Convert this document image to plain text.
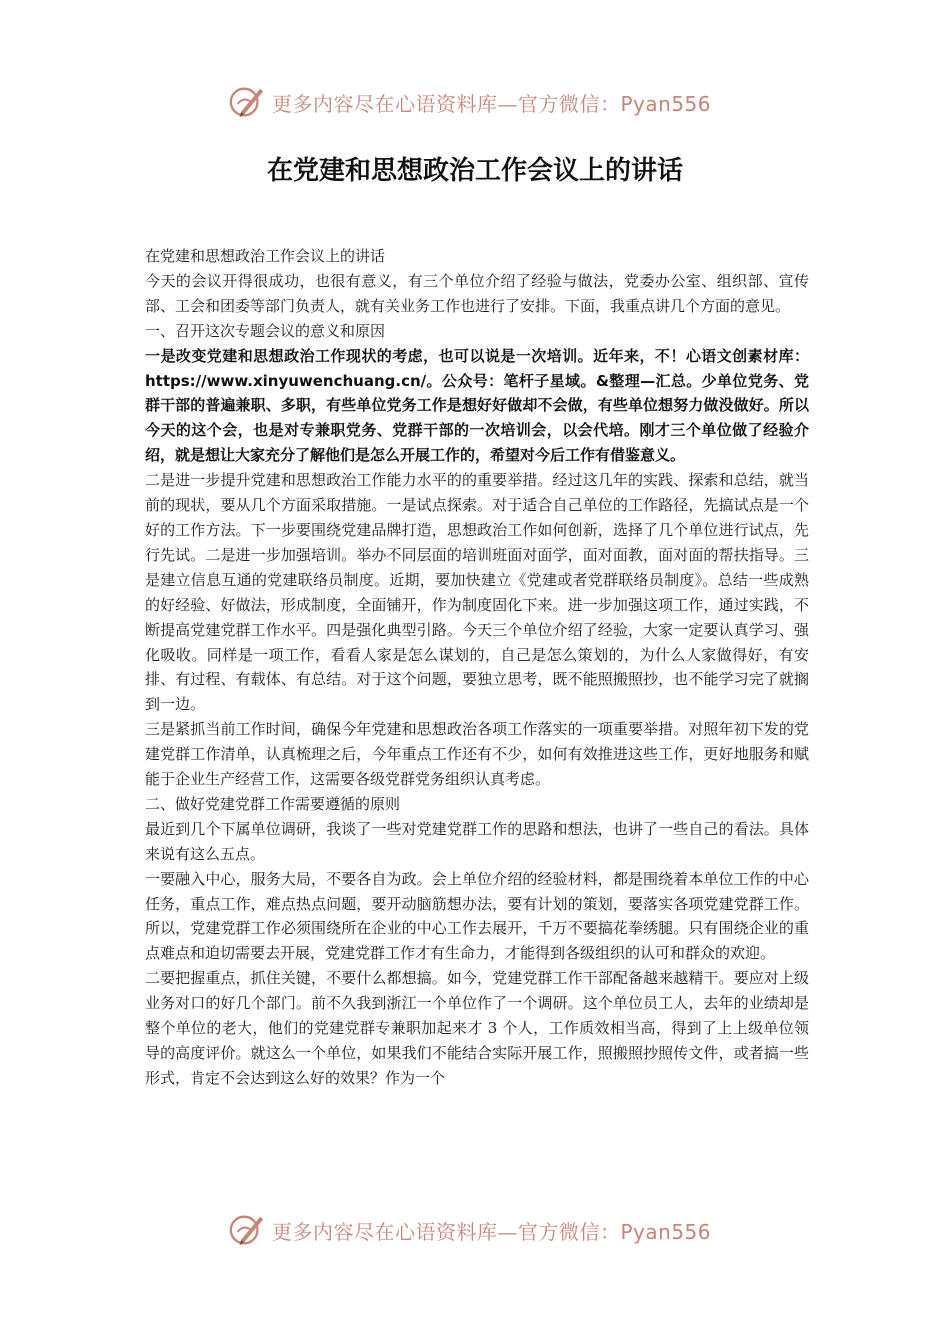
更多内容尽在心语资料库—官方微信：Pyan556
在党建和思想政治工作会议上的讲话

在党建和思想政治工作会议上的讲话

今天的会议开得很成功，也很有意义，有三个单位介绍了经验与做法，党委办公室、组织部、宣传部、工会和团委等部门负责人，就有关业务工作也进行了安排。下面，我重点讲几个方面的意见。

一、召开这次专题会议的意义和原因

一是改变党建和思想政治工作现状的考虑，也可以说是一次培训。近年来，不！心语文创素材库：https://www.xinyuwenchuang.cn/。公众号：笔杆子星域。&整理—汇总。少单位党务、党群干部的普遍兼职、多职，有些单位党务工作是想好好做却不会做，有些单位想努力做没做好。所以今天的这个会，也是对专兼职党务、党群干部的一次培训会，以会代培。刚才三个单位做了经验介绍，就是想让大家充分了解他们是怎么开展工作的，希望对今后工作有借鉴意义。

二是进一步提升党建和思想政治工作能力水平的的重要举措。经过这几年的实践、探索和总结，就当前的现状，要从几个方面采取措施。一是试点探索。对于适合自己单位的工作路径，先搞试点是一个好的工作方法。下一步要围绕党建品牌打造，思想政治工作如何创新，选择了几个单位进行试点，先行先试。二是进一步加强培训。举办不同层面的培训班面对面学，面对面教，面对面的帮扶指导。三是建立信息互通的党建联络员制度。近期，要加快建立《党建或者党群联络员制度》。总结一些成熟的好经验、好做法，形成制度，全面铺开，作为制度固化下来。进一步加强这项工作，通过实践，不断提高党建党群工作水平。四是强化典型引路。今天三个单位介绍了经验，大家一定要认真学习、强化吸收。同样是一项工作，看看人家是怎么谋划的，自己是怎么策划的，为什么人家做得好，有安排、有过程、有载体、有总结。对于这个问题，要独立思考，既不能照搬照抄，也不能学习完了就搁到一边。

三是紧抓当前工作时间，确保今年党建和思想政治各项工作落实的一项重要举措。对照年初下发的党建党群工作清单，认真梳理之后，今年重点工作还有不少，如何有效推进这些工作，更好地服务和赋能于企业生产经营工作，这需要各级党群党务组织认真考虑。

二、做好党建党群工作需要遵循的原则

最近到几个下属单位调研，我谈了一些对党建党群工作的思路和想法，也讲了一些自己的看法。具体来说有这么五点。

一要融入中心，服务大局，不要各自为政。会上单位介绍的经验材料，都是围绕着本单位工作的中心任务，重点工作，难点热点问题，要开动脑筋想办法，要有计划的策划，要落实各项党建党群工作。所以，党建党群工作必须围绕所在企业的中心工作去展开，千万不要搞花拳绣腿。只有围绕企业的重点难点和迫切需要去开展，党建党群工作才有生命力，才能得到各级组织的认可和群众的欢迎。

二要把握重点，抓住关键，不要什么都想搞。如今，党建党群工作干部配备越来越精干。要应对上级业务对口的好几个部门。前不久我到浙江一个单位作了一个调研。这个单位员工人，去年的业绩却是整个单位的老大，他们的党建党群专兼职加起来才 3 个人，工作质效相当高，得到了上上级单位领导的高度评价。就这么一个单位，如果我们不能结合实际开展工作，照搬照抄照传文件，或者搞一些形式，肯定不会达到这么好的效果？作为一个

更多内容尽在心语资料库—官方微信：Pyan556
